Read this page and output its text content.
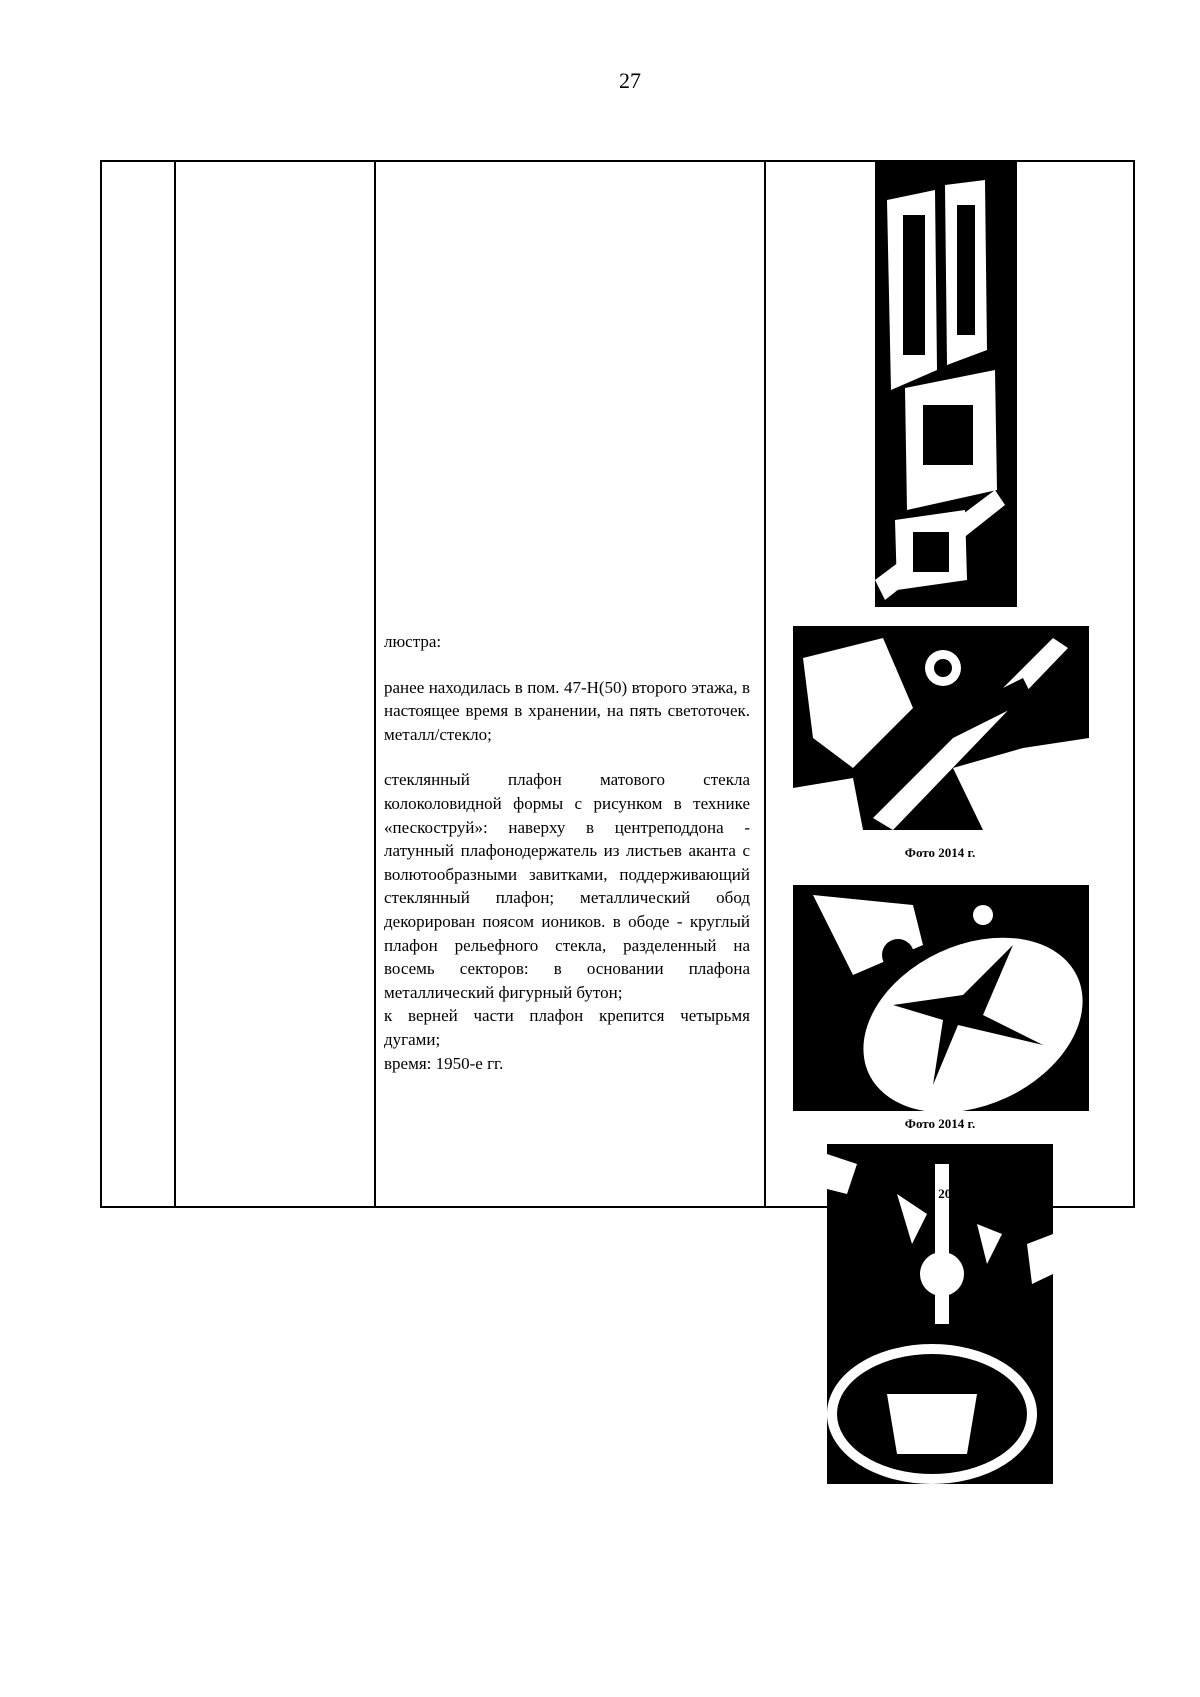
27

люстра:

ранее находилась в пом. 47-Н(50) второго этажа, в настоящее время в хранении, на пять светоточек. металл/стекло;

стеклянный плафон матового стекла колоколовидной формы с рисунком в технике «пескоструй»: наверху в центреподдона - латунный плафонодержатель из листьев аканта с волютообразными завитками, поддерживающий стеклянный плафон; металлический обод декорирован поясом иоников. в ободе - круглый плафон рельефного стекла, разделенный на восемь секторов: в основании плафона металлический фигурный бутон;

к верней части плафон крепится четырьмя дугами;

время: 1950-е гг.

Фото 2014 г.
Фото 2014 г.
Фото 2025 г.
